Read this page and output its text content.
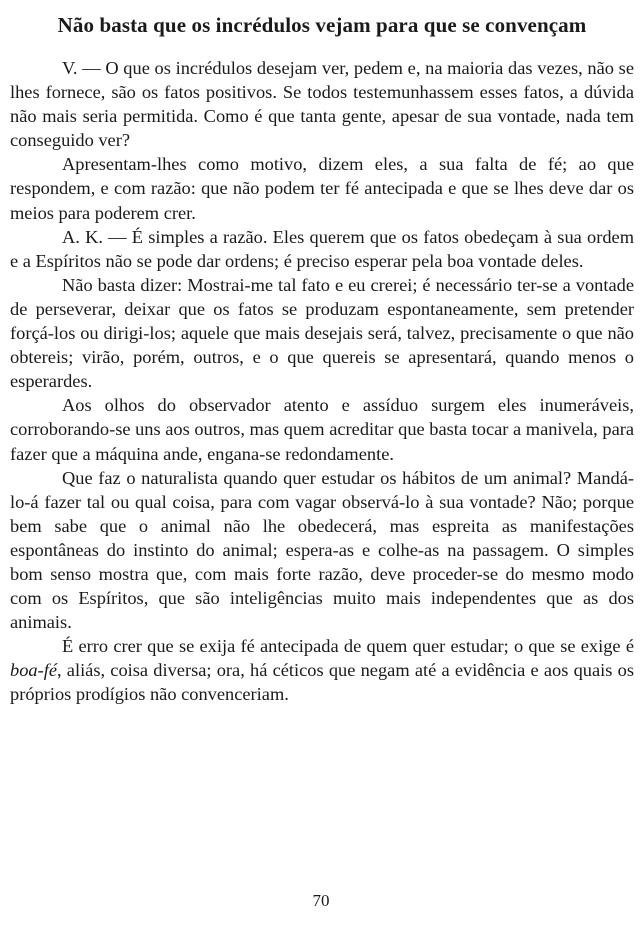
Não basta que os incrédulos vejam para que se convençam

V. — O que os incrédulos desejam ver, pedem e, na maioria das vezes, não se lhes fornece, são os fatos positivos. Se todos testemunhassem esses fatos, a dúvida não mais seria permitida. Como é que tanta gente, apesar de sua vontade, nada tem conseguido ver?

Apresentam-lhes como motivo, dizem eles, a sua falta de fé; ao que respondem, e com razão: que não podem ter fé antecipada e que se lhes deve dar os meios para poderem crer.

A. K. — É simples a razão. Eles querem que os fatos obedeçam à sua ordem e a Espíritos não se pode dar ordens; é preciso esperar pela boa vontade deles.

Não basta dizer: Mostrai-me tal fato e eu crerei; é necessário ter-se a vontade de perseverar, deixar que os fatos se produzam espontaneamente, sem pretender forçá-los ou dirigi-los; aquele que mais desejais será, talvez, precisamente o que não obtereis; virão, porém, outros, e o que quereis se apresentará, quando menos o esperardes.

Aos olhos do observador atento e assíduo surgem eles inumeráveis, corroborando-se uns aos outros, mas quem acreditar que basta tocar a manivela, para fazer que a máquina ande, engana-se redondamente.

Que faz o naturalista quando quer estudar os hábitos de um animal? Mandá-lo-á fazer tal ou qual coisa, para com vagar observá-lo à sua vontade? Não; porque bem sabe que o animal não lhe obedecerá, mas espreita as manifestações espontâneas do instinto do animal; espera-as e colhe-as na passagem. O simples bom senso mostra que, com mais forte razão, deve proceder-se do mesmo modo com os Espíritos, que são inteligências muito mais independentes que as dos animais.

É erro crer que se exija fé antecipada de quem quer estudar; o que se exige é boa-fé, aliás, coisa diversa; ora, há céticos que negam até a evidência e aos quais os próprios prodígios não convenceriam.

70
